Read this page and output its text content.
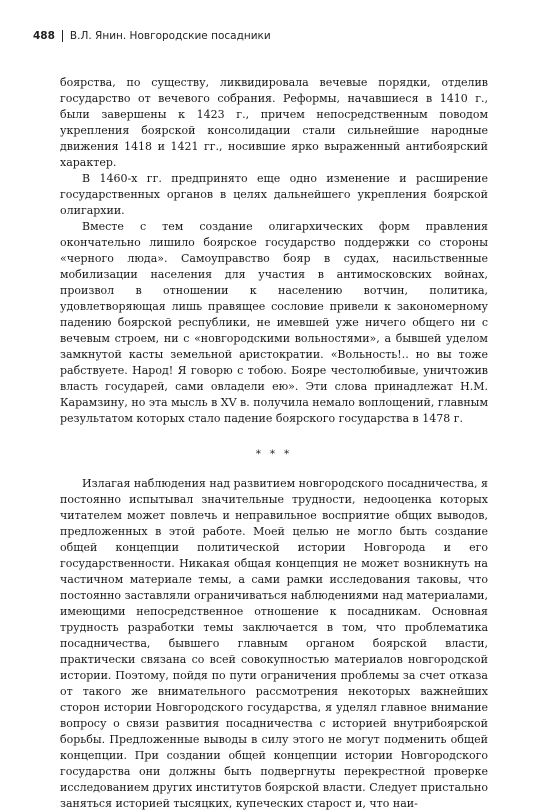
488 В.Л. Янин. Новгородские посадники

боярства, по существу, ликвидировала вечевые порядки, отделив государство от вечевого собрания. Реформы, начавшиеся в 1410 г., были завершены к 1423 г., причем непосредственным поводом укрепления боярской консолидации стали сильнейшие народные движения 1418 и 1421 гг., носившие ярко выраженный антибоярский характер.

В 1460-х гг. предпринято еще одно изменение и расширение государственных органов в целях дальнейшего укрепления боярской олигархии.

Вместе с тем создание олигархических форм правления окончательно лишило боярское государство поддержки со стороны «черного люда». Самоуправство бояр в судах, насильственные мобилизации населения для участия в антимосковских войнах, произвол в отношении к населению вотчин, политика, удовлетворяющая лишь правящее сословие привели к закономерному падению боярской республики, не имевшей уже ничего общего ни с вечевым строем, ни с «новгородскими вольностями», а бывшей уделом замкнутой касты земельной аристократии. «Вольность!.. но вы тоже рабствуете. Народ! Я говорю с тобою. Бояре честолюбивые, уничтожив власть государей, сами овладели ею». Эти слова принадлежат Н.М. Карамзину, но эта мысль в XV в. получила немало воплощений, главным результатом которых стало падение боярского государства в 1478 г.

* * *

Излагая наблюдения над развитием новгородского посадничества, я постоянно испытывал значительные трудности, недооценка которых читателем может повлечь и неправильное восприятие общих выводов, предложенных в этой работе. Моей целью не могло быть создание общей концепции политической истории Новгорода и его государственности. Никакая общая концепция не может возникнуть на частичном материале темы, а сами рамки исследования таковы, что постоянно заставляли ограничиваться наблюдениями над материалами, имеющими непосредственное отношение к посадникам. Основная трудность разработки темы заключается в том, что проблематика посадничества, бывшего главным органом боярской власти, практически связана со всей совокупностью материалов новгородской истории. Поэтому, пойдя по пути ограничения проблемы за счет отказа от такого же внимательного рассмотрения некоторых важнейших сторон истории Новгородского государства, я уделял главное внимание вопросу о связи развития посадничества с историей внутрибоярской борьбы. Предложенные выводы в силу этого не могут подменить общей концепции. При создании общей концепции истории Новгородского государства они должны быть подвергнуты перекрестной проверке исследованием других институтов боярской власти. Следует пристально заняться историей тысяцких, купеческих старост и, что наи-
